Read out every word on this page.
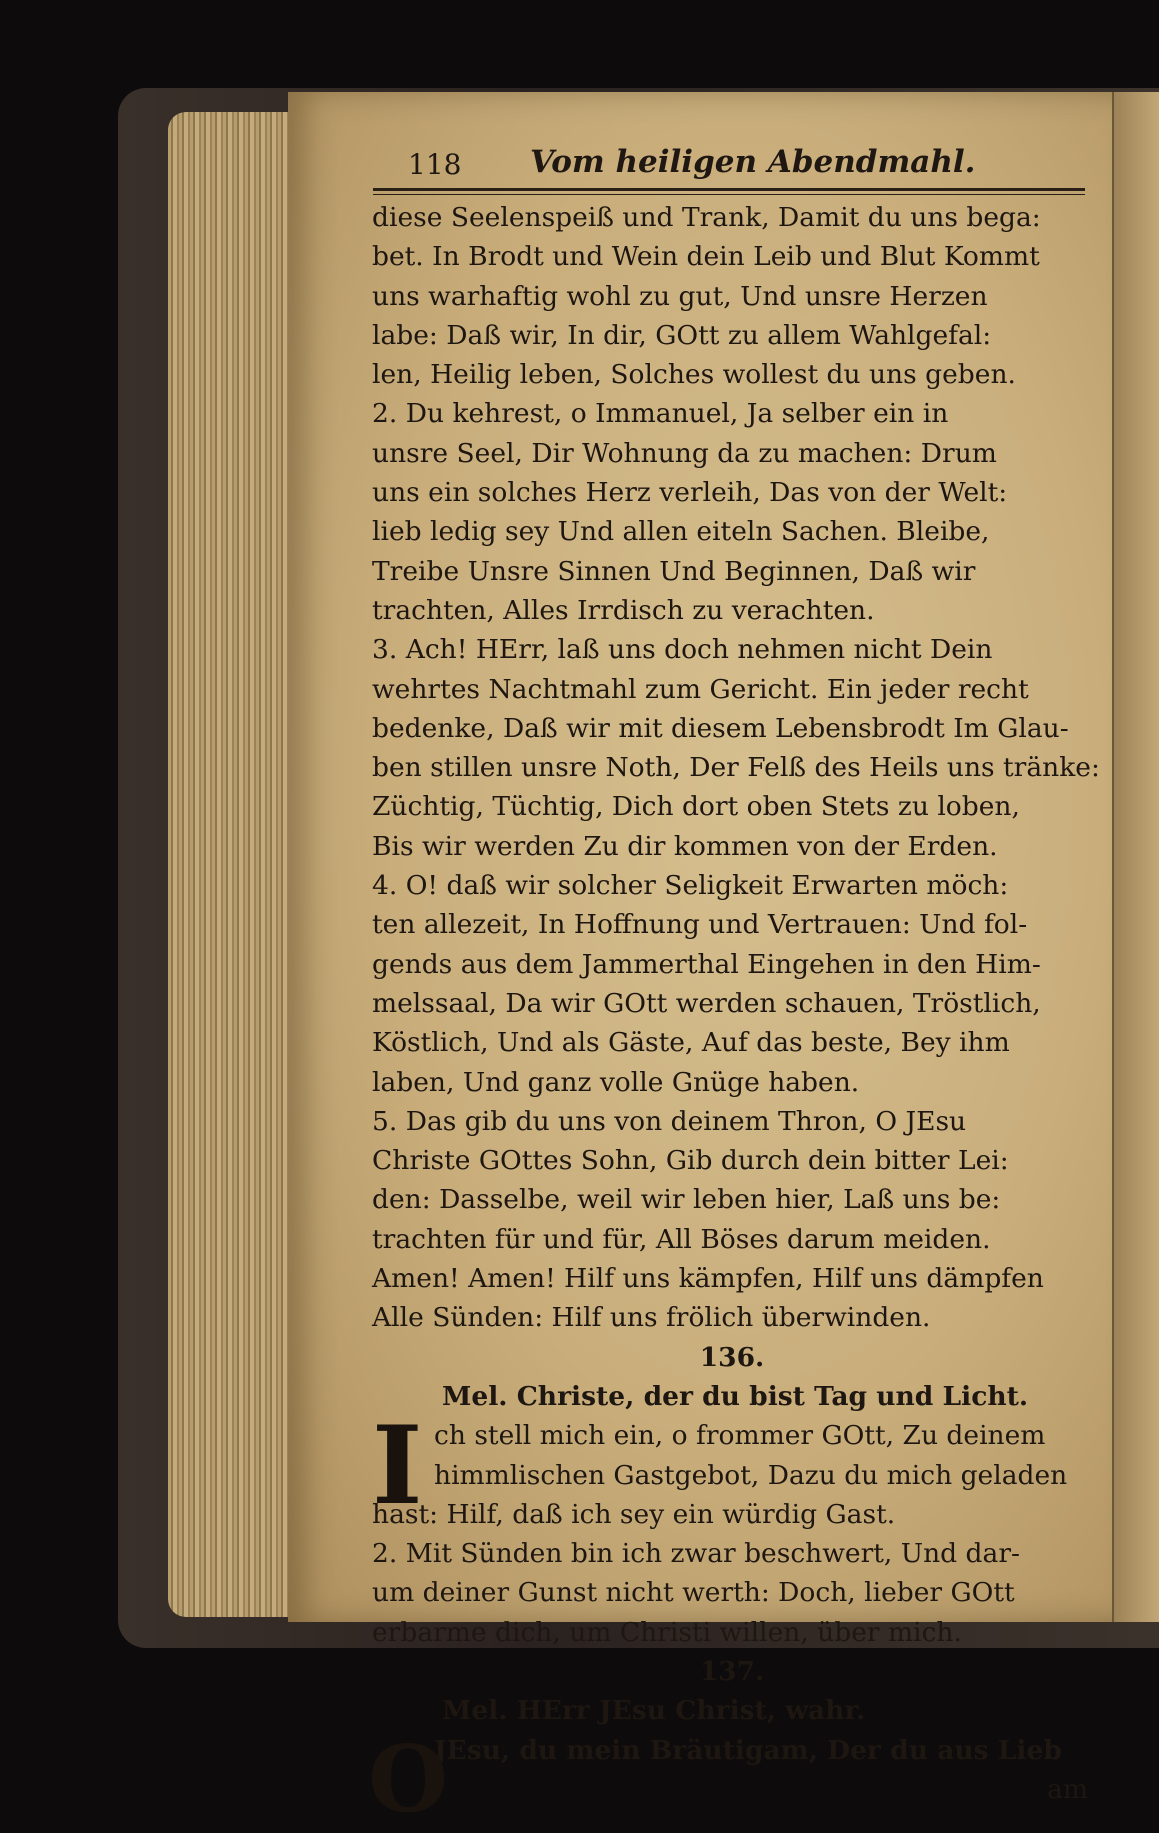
118 Vom heiligen Abendmahl.
diese Seelenspeiß und Trank, Damit du uns bega:
bet. In Brodt und Wein dein Leib und Blut Kommt
uns warhaftig wohl zu gut, Und unsre Herzen
labe: Daß wir, In dir, GOtt zu allem Wahlgefal:
len, Heilig leben, Solches wollest du uns geben.
2. Du kehrest, o Immanuel, Ja selber ein in
unsre Seel, Dir Wohnung da zu machen: Drum
uns ein solches Herz verleih, Das von der Welt:
lieb ledig sey Und allen eiteln Sachen. Bleibe,
Treibe Unsre Sinnen Und Beginnen, Daß wir
trachten, Alles Irrdisch zu verachten.
3. Ach! HErr, laß uns doch nehmen nicht Dein
wehrtes Nachtmahl zum Gericht. Ein jeder recht
bedenke, Daß wir mit diesem Lebensbrodt Im Glau-
ben stillen unsre Noth, Der Felß des Heils uns tränke:
Züchtig, Tüchtig, Dich dort oben Stets zu loben,
Bis wir werden Zu dir kommen von der Erden.
4. O! daß wir solcher Seligkeit Erwarten möch:
ten allezeit, In Hoffnung und Vertrauen: Und fol-
gends aus dem Jammerthal Eingehen in den Him-
melssaal, Da wir GOtt werden schauen, Tröstlich,
Köstlich, Und als Gäste, Auf das beste, Bey ihm
laben, Und ganz volle Gnüge haben.
5. Das gib du uns von deinem Thron, O JEsu
Christe GOttes Sohn, Gib durch dein bitter Lei:
den: Dasselbe, weil wir leben hier, Laß uns be:
trachten für und für, All Böses darum meiden.
Amen! Amen! Hilf uns kämpfen, Hilf uns dämpfen
Alle Sünden: Hilf uns frölich überwinden.
136.
Mel. Christe, der du bist Tag und Licht.
I ch stell mich ein, o frommer GOtt, Zu deinem
himmlischen Gastgebot, Dazu du mich geladen
hast: Hilf, daß ich sey ein würdig Gast.
2. Mit Sünden bin ich zwar beschwert, Und dar-
um deiner Gunst nicht werth: Doch, lieber GOtt
erbarme dich, um Christi willen, über mich.
137.
Mel. HErr JEsu Christ, wahr.
O
JEsu, du mein Bräutigam, Der du aus Lieb
am
